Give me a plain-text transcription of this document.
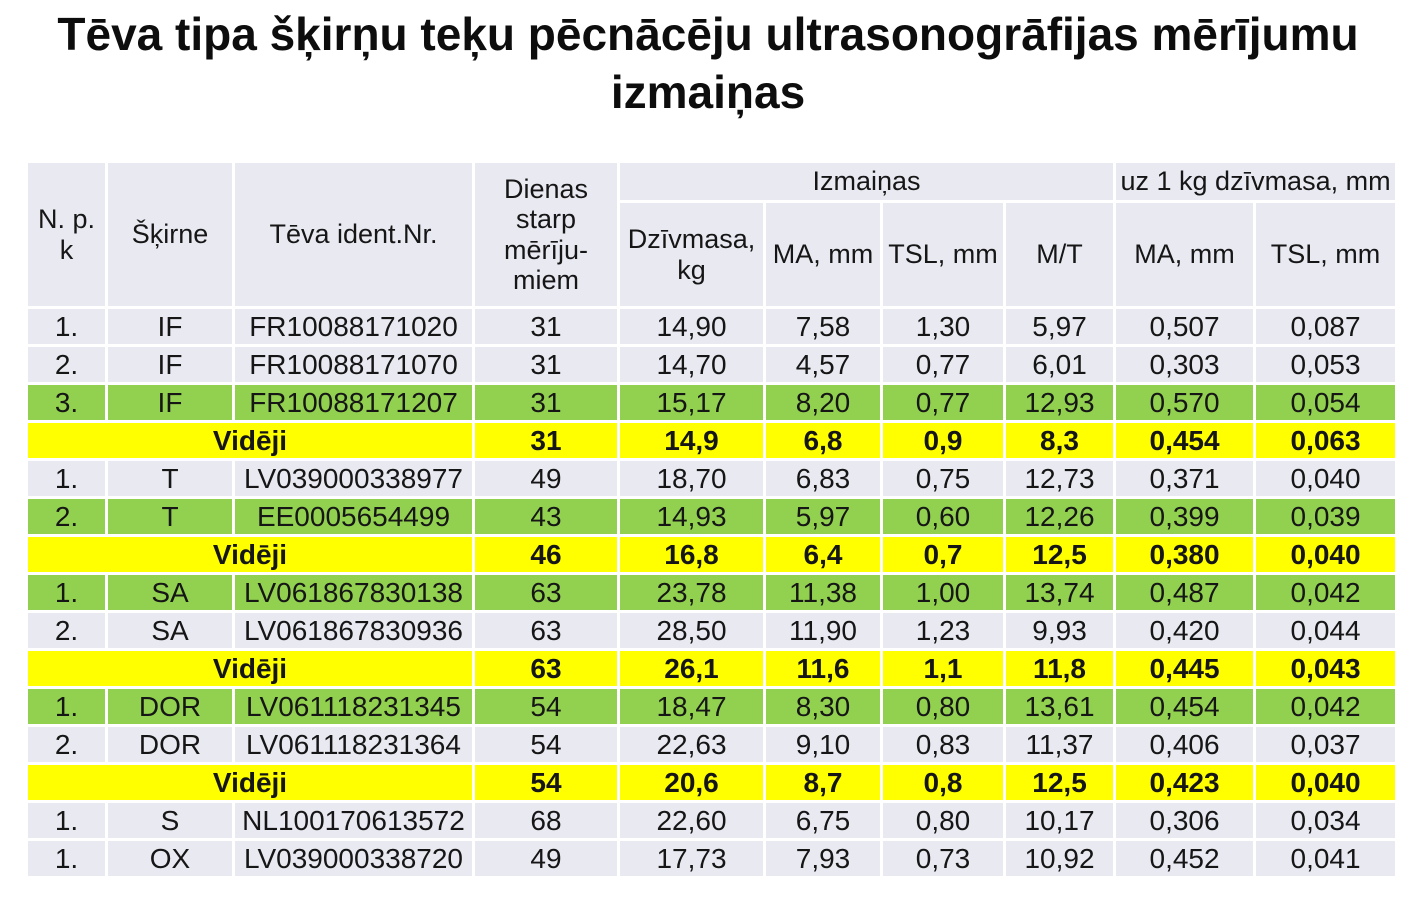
Tēva tipa šķirņu teķu pēcnācēju ultrasonogrāfijas mērījumu izmaiņas
N. p. k	Šķirne	Tēva ident.Nr.	Dienas starp mērīju- miem	Izmaiņas				uz 1 kg dzīvmasa, mm	
				Dzīvmasa, kg	MA, mm	TSL, mm	M/T	MA, mm	TSL, mm
1.	IF	FR10088171020	31	14,90	7,58	1,30	5,97	0,507	0,087
2.	IF	FR10088171070	31	14,70	4,57	0,77	6,01	0,303	0,053
3.	IF	FR10088171207	31	15,17	8,20	0,77	12,93	0,570	0,054
Vidēji			31	14,9	6,8	0,9	8,3	0,454	0,063
1.	T	LV039000338977	49	18,70	6,83	0,75	12,73	0,371	0,040
2.	T	EE0005654499	43	14,93	5,97	0,60	12,26	0,399	0,039
Vidēji			46	16,8	6,4	0,7	12,5	0,380	0,040
1.	SA	LV061867830138	63	23,78	11,38	1,00	13,74	0,487	0,042
2.	SA	LV061867830936	63	28,50	11,90	1,23	9,93	0,420	0,044
Vidēji			63	26,1	11,6	1,1	11,8	0,445	0,043
1.	DOR	LV061118231345	54	18,47	8,30	0,80	13,61	0,454	0,042
2.	DOR	LV061118231364	54	22,63	9,10	0,83	11,37	0,406	0,037
Vidēji			54	20,6	8,7	0,8	12,5	0,423	0,040
1.	S	NL100170613572	68	22,60	6,75	0,80	10,17	0,306	0,034
1.	OX	LV039000338720	49	17,73	7,93	0,73	10,92	0,452	0,041
